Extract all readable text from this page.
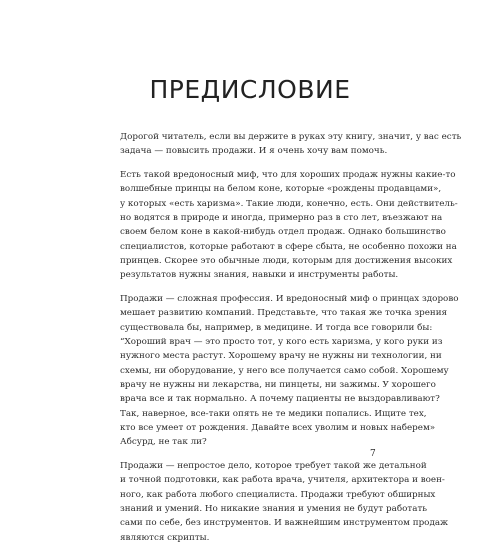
ПРЕДИСЛОВИЕ

Дорогой читатель, если вы держите в руках эту книгу, значит, у вас есть
задача — повысить продажи. И я очень хочу вам помочь.

Есть такой вредоносный миф, что для хороших продаж нужны какие-то
волшебные принцы на белом коне, которые «рождены продавцами»,
у которых «есть харизма». Такие люди, конечно, есть. Они действитель-
но водятся в природе и иногда, примерно раз в сто лет, въезжают на
своем белом коне в какой-нибудь отдел продаж. Однако большинство
специалистов, которые работают в сфере сбыта, не особенно похожи на
принцев. Скорее это обычные люди, которым для достижения высоких
результатов нужны знания, навыки и инструменты работы.

Продажи — сложная профессия. И вредоносный миф о принцах здорово
мешает развитию компаний. Представьте, что такая же точка зрения
существовала бы, например, в медицине. И тогда все говорили бы:
“Хороший врач — это просто тот, у кого есть харизма, у кого руки из
нужного места растут. Хорошему врачу не нужны ни технологии, ни
схемы, ни оборудование, у него все получается само собой. Хорошему
врачу не нужны ни лекарства, ни пинцеты, ни зажимы. У хорошего
врача все и так нормально. А почему пациенты не выздоравливают?
Так, наверное, все-таки опять не те медики попались. Ищите тех,
кто все умеет от рождения. Давайте всех уволим и новых наберем»
Абсурд, не так ли?

Продажи — непростое дело, которое требует такой же детальной
и точной подготовки, как работа врача, учителя, архитектора и воен-
ного, как работа любого специалиста. Продажи требуют обширных
знаний и умений. Но никакие знания и умения не будут работать
сами по себе, без инструментов. И важнейшим инструментом продаж
являются скрипты.

7
